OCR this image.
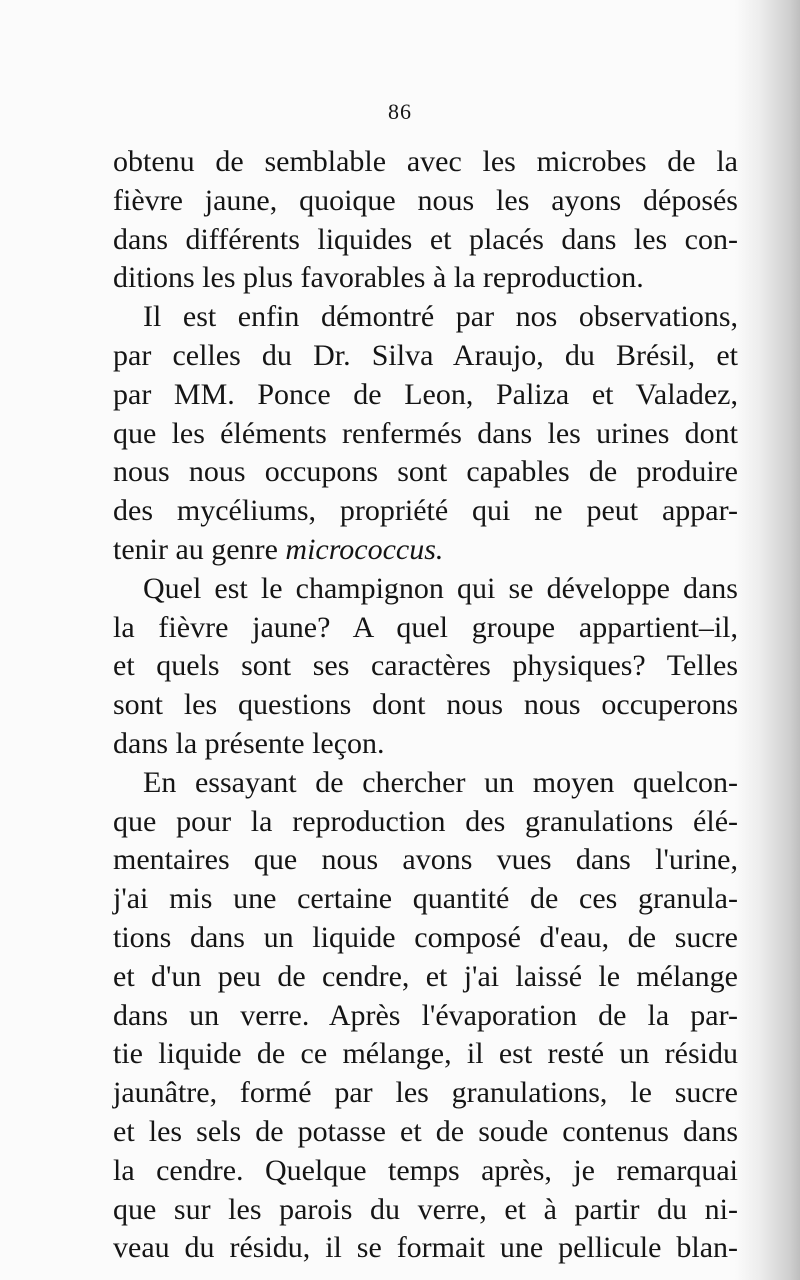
86
obtenu de semblable avec les microbes de la
fièvre jaune, quoique nous les ayons déposés
dans différents liquides et placés dans les con-
ditions les plus favorables à la reproduction.
Il est enfin démontré par nos observations,
par celles du Dr. Silva Araujo, du Brésil, et
par MM. Ponce de Leon, Paliza et Valadez,
que les éléments renfermés dans les urines dont
nous nous occupons sont capables de produire
des mycéliums, propriété qui ne peut appar-
tenir au genre micrococcus.
Quel est le champignon qui se développe dans
la fièvre jaune? A quel groupe appartient–il,
et quels sont ses caractères physiques? Telles
sont les questions dont nous nous occuperons
dans la présente leçon.
En essayant de chercher un moyen quelcon-
que pour la reproduction des granulations élé-
mentaires que nous avons vues dans l'urine,
j'ai mis une certaine quantité de ces granula-
tions dans un liquide composé d'eau, de sucre
et d'un peu de cendre, et j'ai laissé le mélange
dans un verre. Après l'évaporation de la par-
tie liquide de ce mélange, il est resté un résidu
jaunâtre, formé par les granulations, le sucre
et les sels de potasse et de soude contenus dans
la cendre. Quelque temps après, je remarquai
que sur les parois du verre, et à partir du ni-
veau du résidu, il se formait une pellicule blan-
